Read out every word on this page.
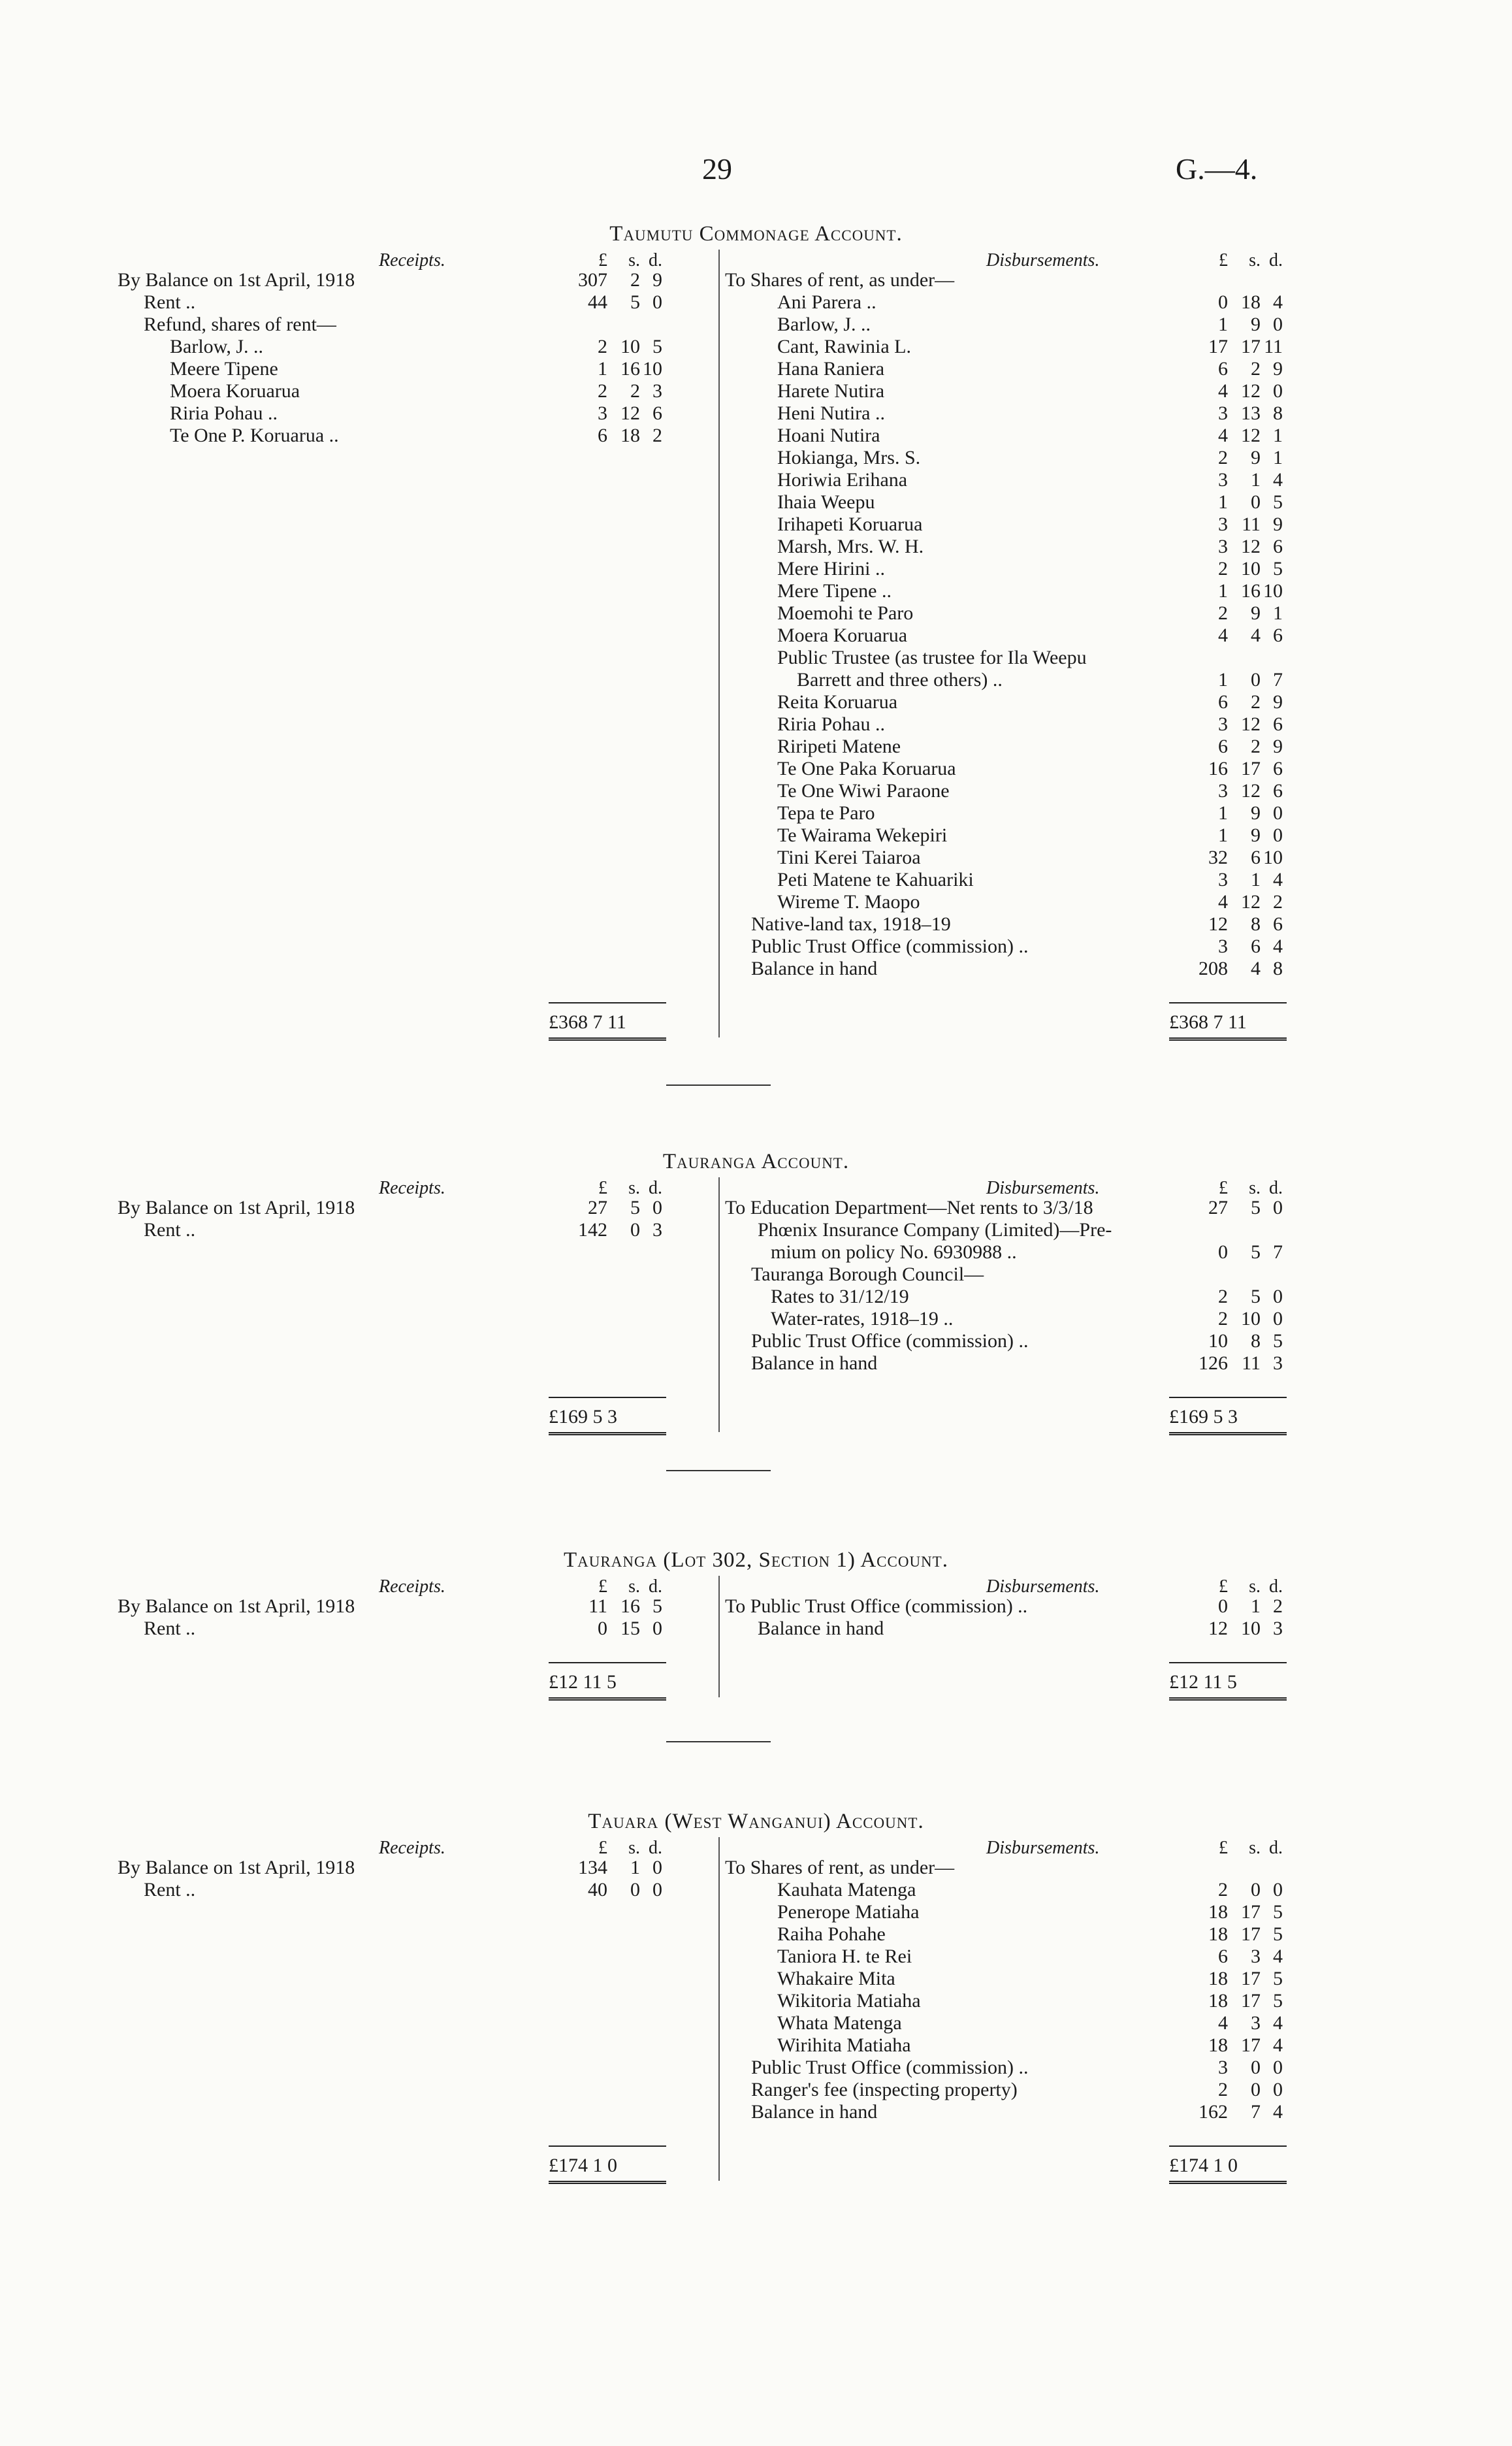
29	G.—4.
Taumutu Commonage Account.
Receipts.	£	s. d.
By Balance on 1st April, 1918	307	2 9
Rent ..	44	5 0
Refund, shares of rent—
Barlow, J. ..	2 10 5
Meere Tipene	1 16 10
Moera Koruarua	2	2 3
Riria Pohau ..	3 12 6
Te One P. Koruarua ..	6 18 2
£368 7 11
Disbursements.	£	s. d.
To Shares of rent, as under—
Ani Parera ..	0 18 4
Barlow, J. ..	1	9 0
Cant, Rawinia L.	17 17 11
Hana Raniera	6	2 9
Harete Nutira	4 12 0
Heni Nutira ..	3 13 8
Hoani Nutira	4 12 1
Hokianga, Mrs. S.	2	9 1
Horiwia Erihana	3	1 4
Ihaia Weepu	1	0 5
Irihapeti Koruarua	3 11 9
Marsh, Mrs. W. H.	3 12 6
Mere Hirini ..	2 10 5
Mere Tipene ..	1 16 10
Moemohi te Paro	2	9 1
Moera Koruarua	4	4 6
Public Trustee (as trustee for Ila Weepu
Barrett and three others) ..	1	0 7
Reita Koruarua	6	2 9
Riria Pohau ..	3 12 6
Riripeti Matene	6	2 9
Te One Paka Koruarua	16 17 6
Te One Wiwi Paraone	3 12 6
Tepa te Paro	1	9 0
Te Wairama Wekepiri	1	9 0
Tini Kerei Taiaroa	32	6 10
Peti Matene te Kahuariki	3	1 4
Wireme T. Maopo	4 12 2
Native-land tax, 1918–19	12	8 6
Public Trust Office (commission) ..	3	6 4
Balance in hand	208	4 8
£368 7 11
Tauranga Account.
Receipts.	£	s. d.
By Balance on 1st April, 1918	27	5 0
Rent ..	142	0 3
£169 5 3
Disbursements.	£	s. d.
To Education Department—Net rents to 3/3/18	27	5 0
Phœnix Insurance Company (Limited)—Pre-
mium on policy No. 6930988 ..	0	5 7
Tauranga Borough Council—
Rates to 31/12/19	2	5 0
Water-rates, 1918–19 ..	2 10 0
Public Trust Office (commission) ..	10	8 5
Balance in hand	126 11 3
£169 5 3
Tauranga (Lot 302, Section 1) Account.
Receipts.	£	s. d.
By Balance on 1st April, 1918	11 16 5
Rent ..	0 15 0
£12 11 5
Disbursements.	£	s. d.
To Public Trust Office (commission) ..	0	1 2
Balance in hand	12 10 3
£12 11 5
Tauara (West Wanganui) Account.
Receipts.	£	s. d.
By Balance on 1st April, 1918	134	1 0
Rent ..	40	0 0
£174 1 0
Disbursements.	£	s. d.
To Shares of rent, as under—
Kauhata Matenga	2	0 0
Penerope Matiaha	18 17 5
Raiha Pohahe	18 17 5
Taniora H. te Rei	6	3 4
Whakaire Mita	18 17 5
Wikitoria Matiaha	18 17 5
Whata Matenga	4	3 4
Wirihita Matiaha	18 17 4
Public Trust Office (commission) ..	3	0 0
Ranger's fee (inspecting property)	2	0 0
Balance in hand	162	7 4
£174 1 0
